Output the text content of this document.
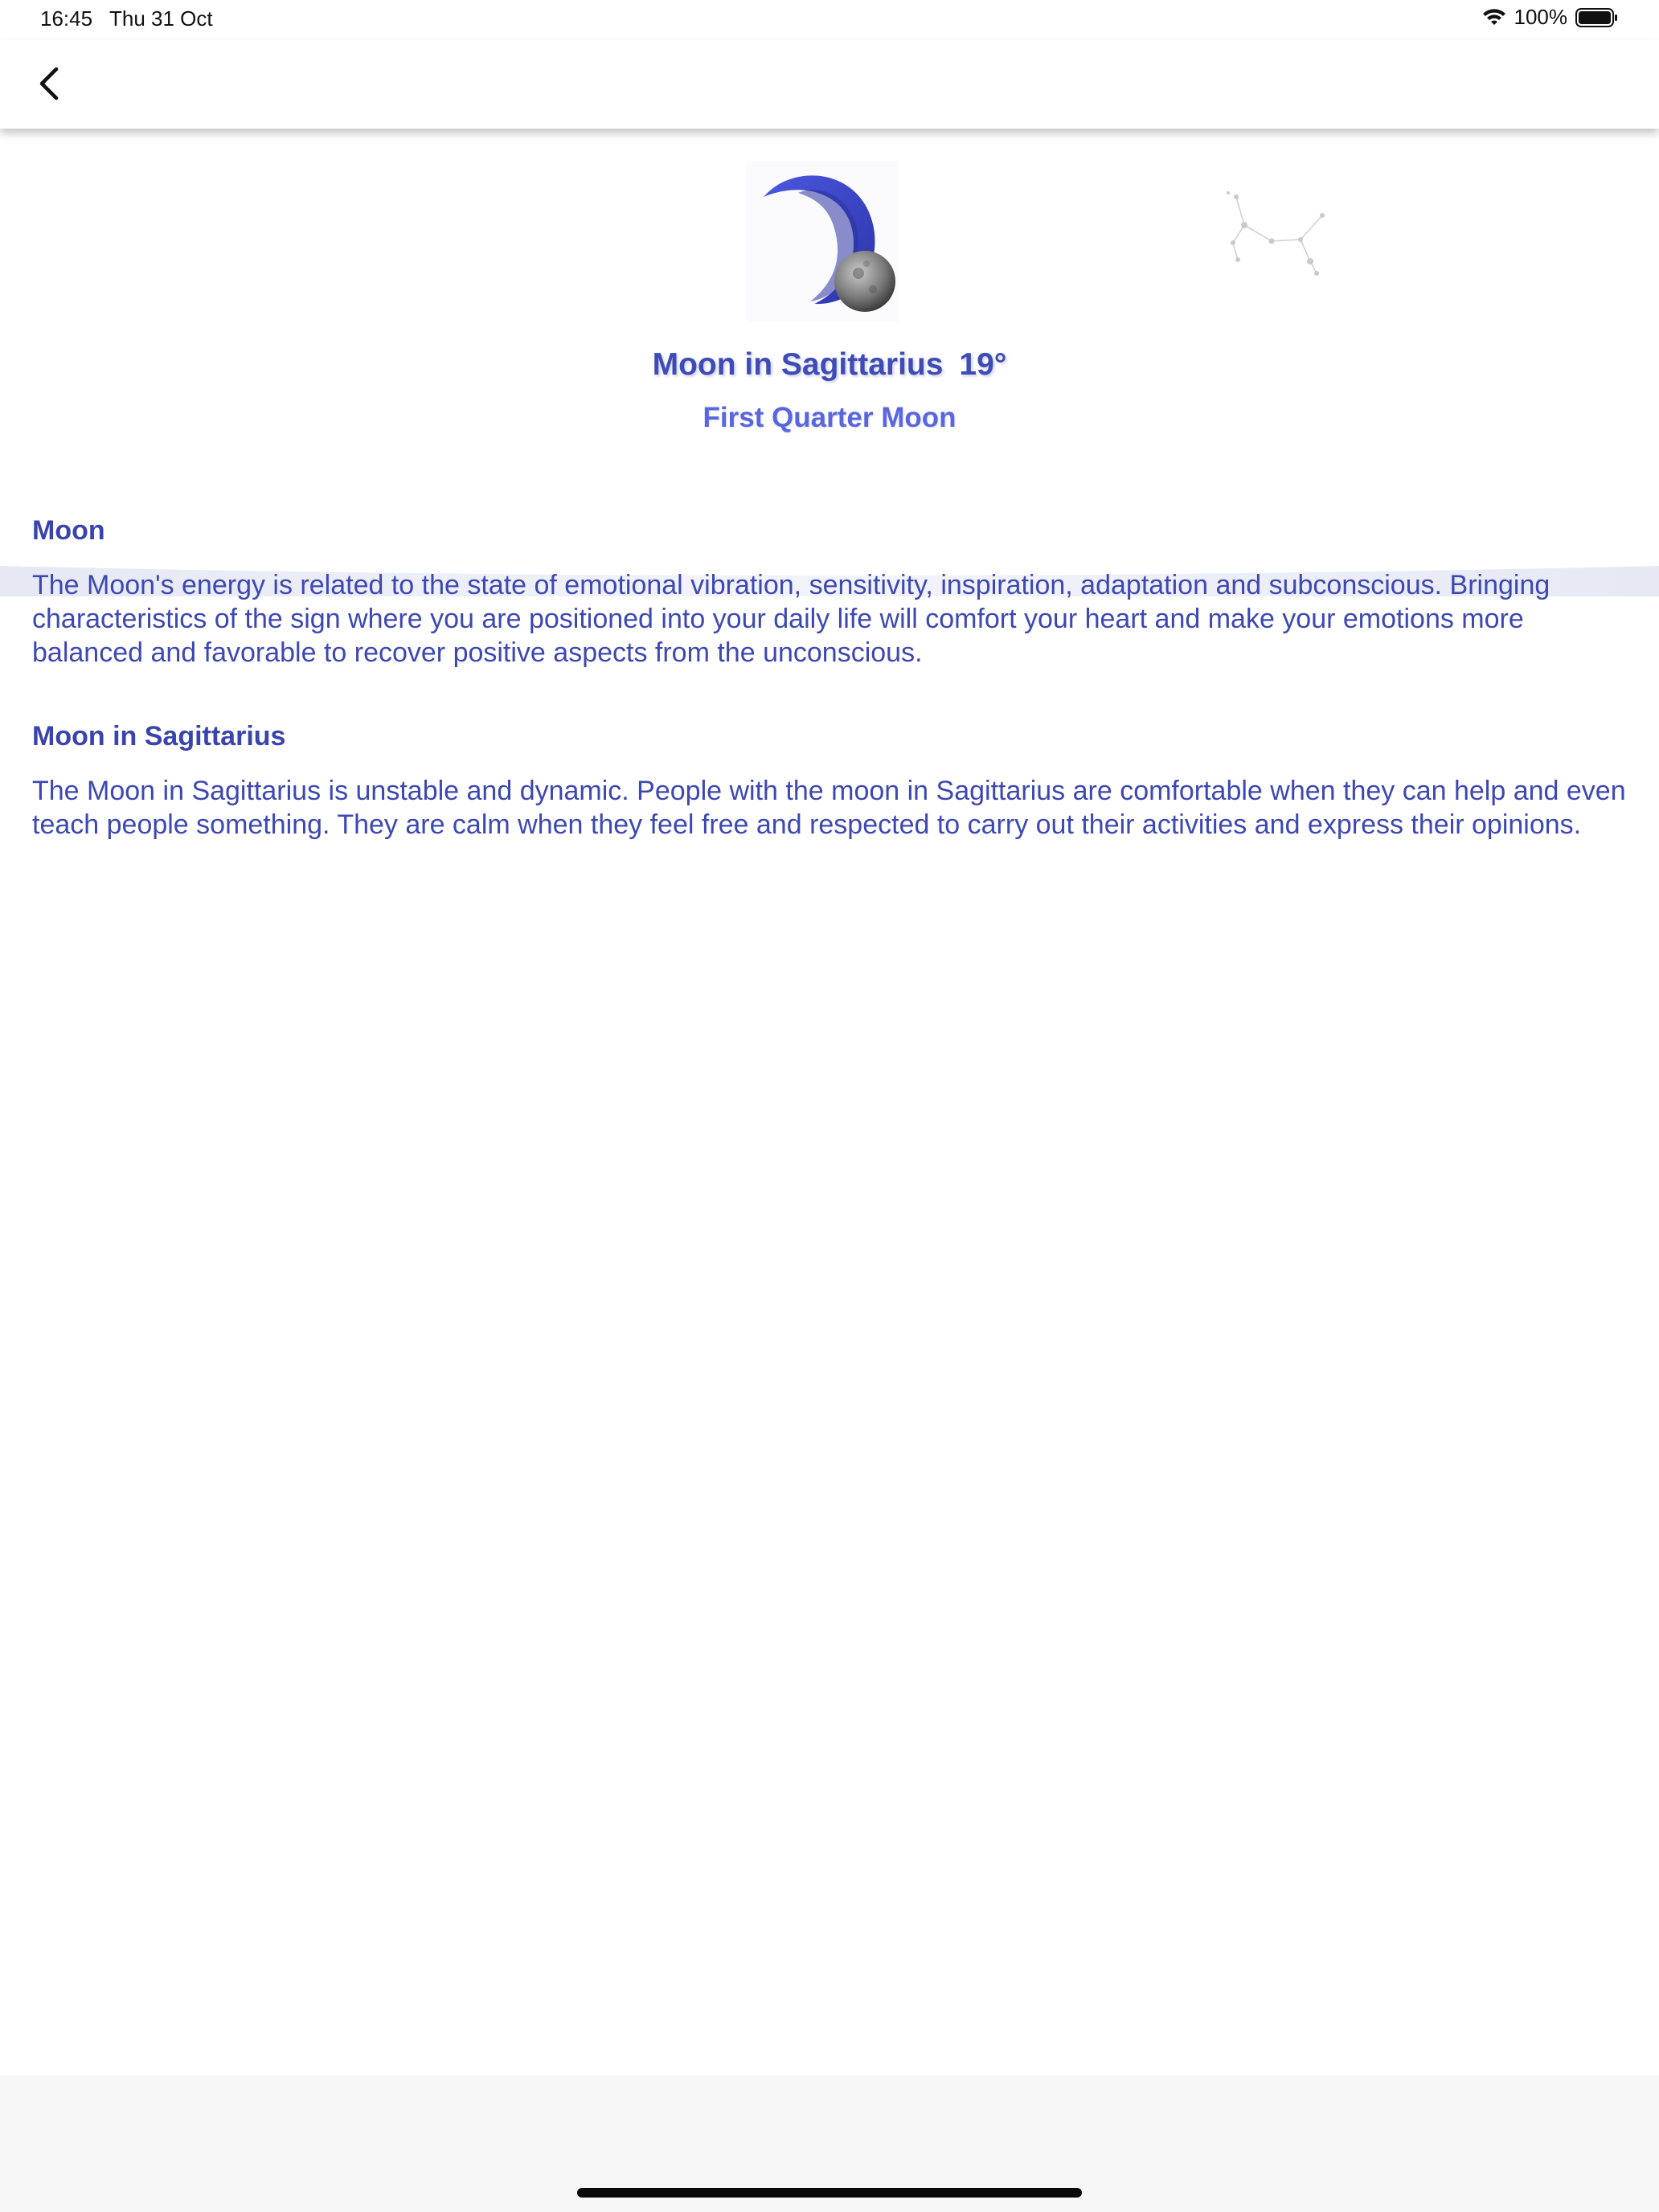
16:45 Thu 31 Oct	100%
Moon in Sagittarius 19°
First Quarter Moon
Moon

The Moon's energy is related to the state of emotional vibration, sensitivity, inspiration, adaptation and subconscious. Bringing characteristics of the sign where you are positioned into your daily life will comfort your heart and make your emotions more balanced and favorable to recover positive aspects from the unconscious.

Moon in Sagittarius

The Moon in Sagittarius is unstable and dynamic. People with the moon in Sagittarius are comfortable when they can help and even teach people something. They are calm when they feel free and respected to carry out their activities and express their opinions.
